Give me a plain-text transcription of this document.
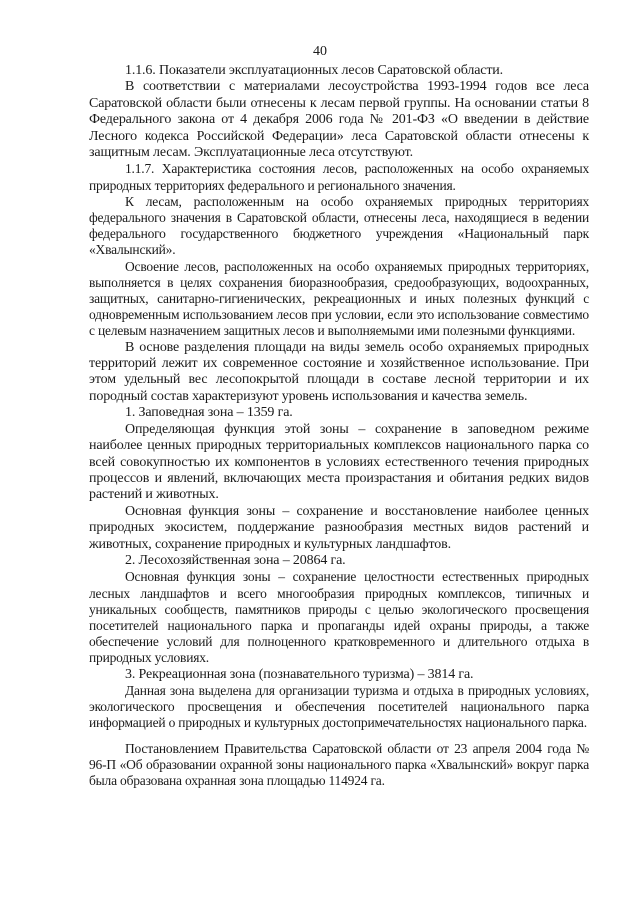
40

1.1.6. Показатели эксплуатационных лесов Саратовской области.

В соответствии с материалами лесоустройства 1993-1994 годов все леса Саратовской области были отнесены к лесам первой группы. На основании статьи 8 Федерального закона от 4 декабря 2006 года № 201-ФЗ «О введении в действие Лесного кодекса Российской Федерации» леса Саратовской области отнесены к защитным лесам. Эксплуатационные леса отсутствуют.

1.1.7. Характеристика состояния лесов, расположенных на особо охраняемых природных территориях федерального и регионального значения.

К лесам, расположенным на особо охраняемых природных территориях федерального значения в Саратовской области, отнесены леса, находящиеся в ведении федерального государственного бюджетного учреждения «Национальный парк «Хвалынский».

Освоение лесов, расположенных на особо охраняемых природных территориях, выполняется в целях сохранения биоразнообразия, средообразующих, водоохранных, защитных, санитарно-гигиенических, рекреационных и иных полезных функций с одновременным использованием лесов при условии, если это использование совместимо с целевым назначением защитных лесов и выполняемыми ими полезными функциями.

В основе разделения площади на виды земель особо охраняемых природных территорий лежит их современное состояние и хозяйственное использование. При этом удельный вес лесопокрытой площади в составе лесной территории и их породный состав характеризуют уровень использования и качества земель.

1. Заповедная зона – 1359 га.

Определяющая функция этой зоны – сохранение в заповедном режиме наиболее ценных природных территориальных комплексов национального парка со всей совокупностью их компонентов в условиях естественного течения природных процессов и явлений, включающих места произрастания и обитания редких видов растений и животных.

Основная функция зоны – сохранение и восстановление наиболее ценных природных экосистем, поддержание разнообразия местных видов растений и животных, сохранение природных и культурных ландшафтов.

2. Лесохозяйственная зона – 20864 га.

Основная функция зоны – сохранение целостности естественных природных лесных ландшафтов и всего многообразия природных комплексов, типичных и уникальных сообществ, памятников природы с целью экологического просвещения посетителей национального парка и пропаганды идей охраны природы, а также обеспечение условий для полноценного кратковременного и длительного отдыха в природных условиях.

3. Рекреационная зона (познавательного туризма) – 3814 га.

Данная зона выделена для организации туризма и отдыха в природных условиях, экологического просвещения и обеспечения посетителей национального парка информацией о природных и культурных достопримечательностях национального парка.

Постановлением Правительства Саратовской области от 23 апреля 2004 года № 96-П «Об образовании охранной зоны национального парка «Хвалынский» вокруг парка была образована охранная зона площадью 114924 га.
